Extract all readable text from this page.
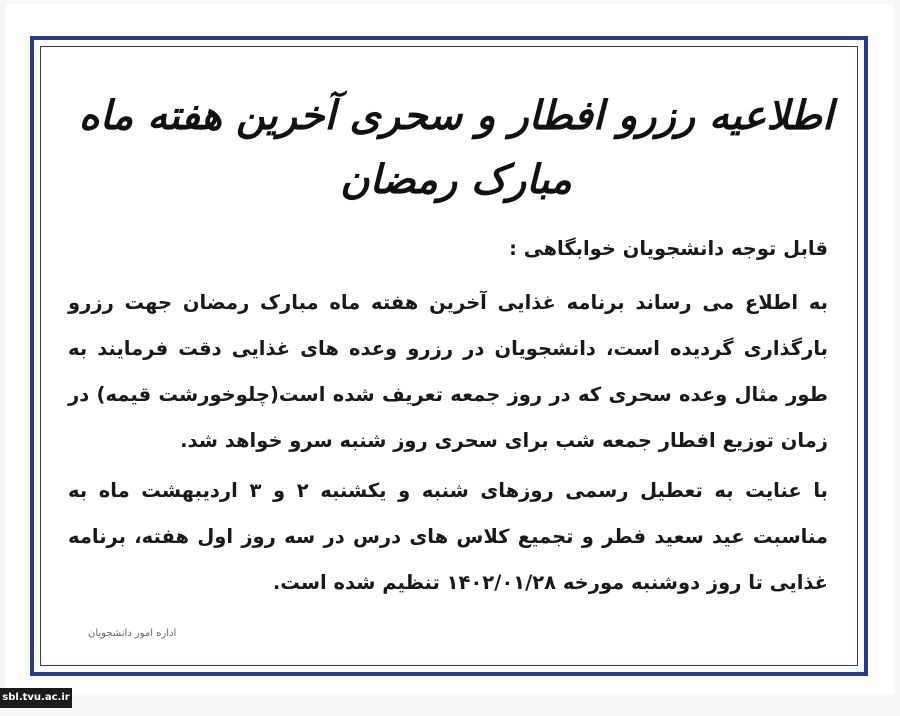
اطلاعیه رزرو افطار و سحری آخرین هفته ماه مبارک رمضان

قابل توجه دانشجویان خوابگاهی :

به اطلاع می رساند برنامه غذایی آخرین هفته ماه مبارک رمضان جهت رزرو بارگذاری گردیده است، دانشجویان در رزرو وعده های غذایی دقت فرمایند به طور مثال وعده سحری که در روز جمعه تعریف شده است(چلوخورشت قیمه) در زمان توزیع افطار جمعه شب برای سحری روز شنبه سرو خواهد شد.

با عنایت به تعطیل رسمی روزهای شنبه و یکشنبه ۲ و ۳ اردیبهشت ماه به مناسبت عید سعید فطر و تجمیع کلاس های درس در سه روز اول هفته، برنامه غذایی تا روز دوشنبه مورخه ۱۴۰۲/۰۱/۲۸ تنظیم شده است.

اداره امور دانشجویان
sbl.tvu.ac.ir
